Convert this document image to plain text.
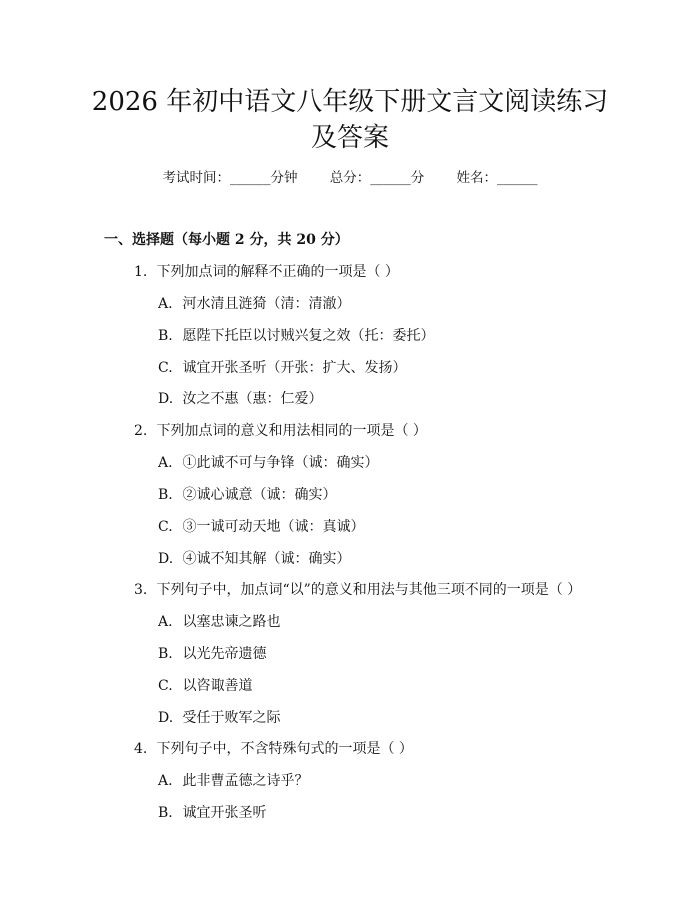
2026 年初中语文八年级下册文言文阅读练习
及答案
考试时间：______分钟 总分：______分 姓名：______
一、选择题（每小题 2 分，共 20 分）
1. 下列加点词的解释不正确的一项是（ ）
A. 河水清且涟猗（清：清澈）
B. 愿陛下托臣以讨贼兴复之效（托：委托）
C. 诚宜开张圣听（开张：扩大、发扬）
D. 汝之不惠（惠：仁爱）
2. 下列加点词的意义和用法相同的一项是（ ）
A. ①此诚不可与争锋（诚：确实）
B. ②诚心诚意（诚：确实）
C. ③一诚可动天地（诚：真诚）
D. ④诚不知其解（诚：确实）
3. 下列句子中，加点词“以”的意义和用法与其他三项不同的一项是（ ）
A. 以塞忠谏之路也
B. 以光先帝遗德
C. 以咨诹善道
D. 受任于败军之际
4. 下列句子中，不含特殊句式的一项是（ ）
A. 此非曹孟德之诗乎？
B. 诚宜开张圣听
